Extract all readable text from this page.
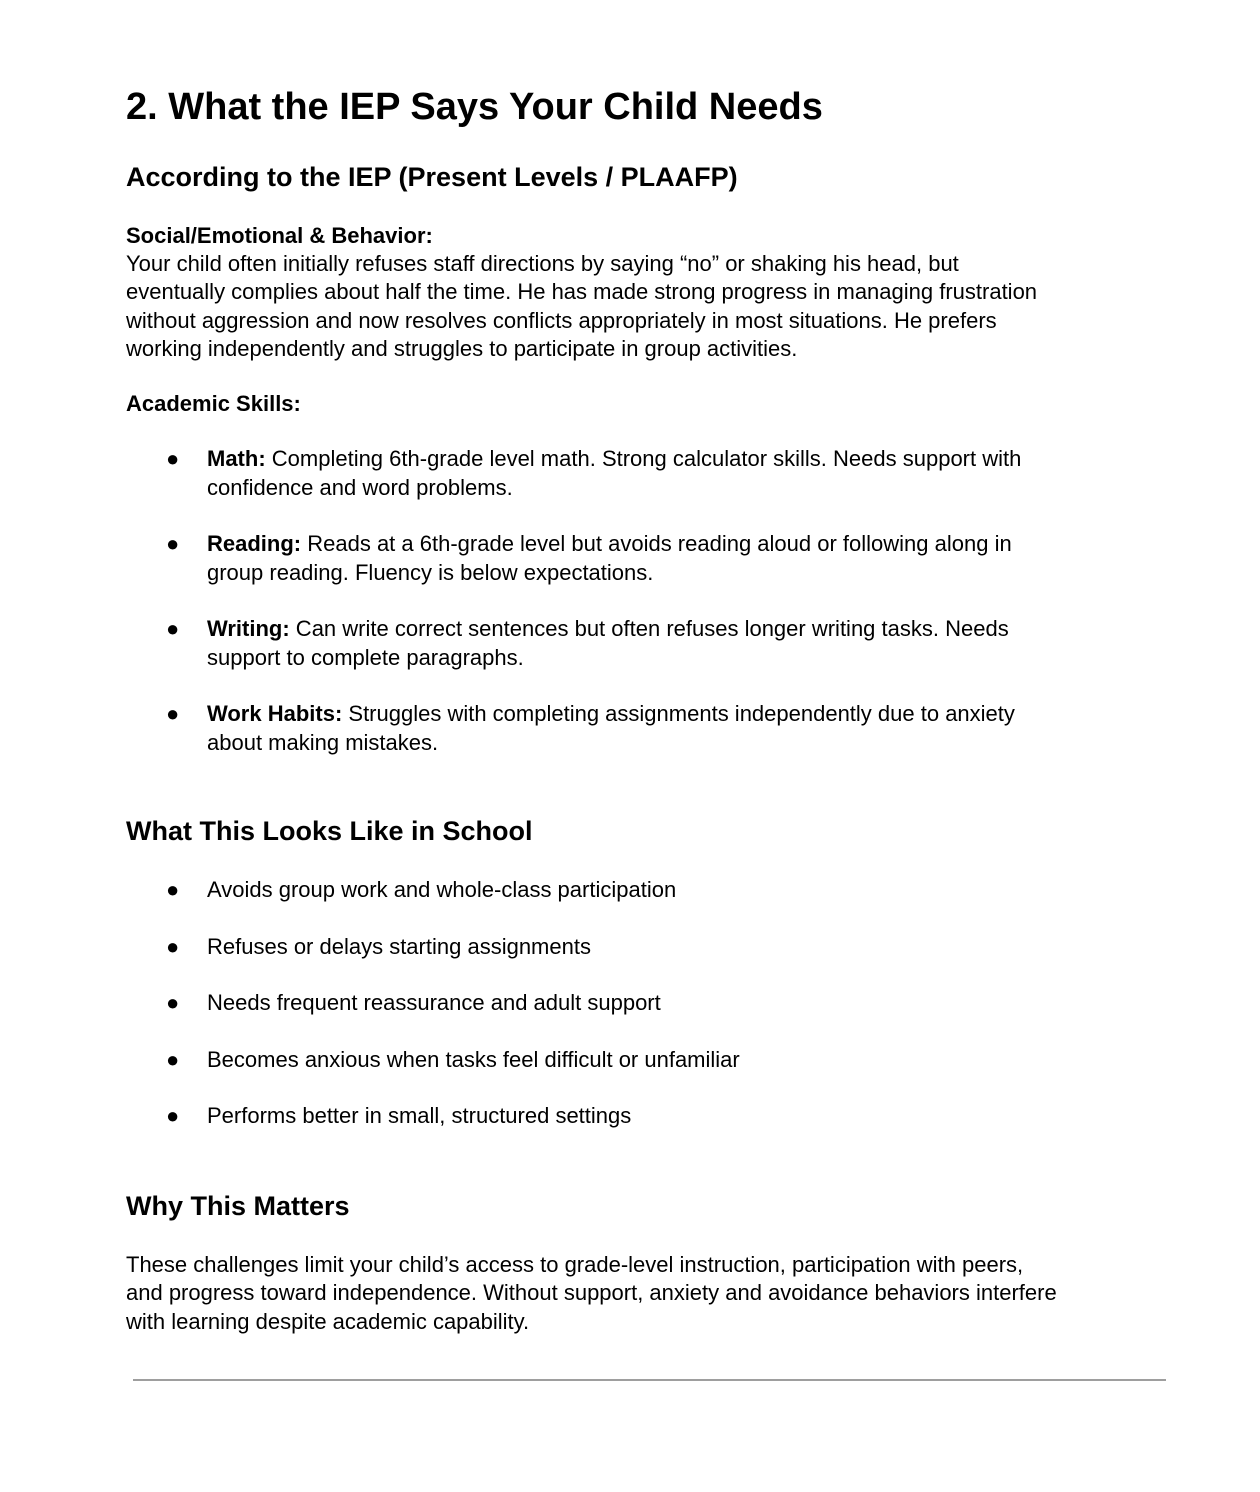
2. What the IEP Says Your Child Needs
According to the IEP (Present Levels / PLAAFP)
Social/Emotional & Behavior:
Your child often initially refuses staff directions by saying “no” or shaking his head, but
eventually complies about half the time. He has made strong progress in managing frustration
without aggression and now resolves conflicts appropriately in most situations. He prefers
working independently and struggles to participate in group activities.
Academic Skills:
●	Math: Completing 6th-grade level math. Strong calculator skills. Needs support with
confidence and word problems.
●	Reading: Reads at a 6th-grade level but avoids reading aloud or following along in
group reading. Fluency is below expectations.
●	Writing: Can write correct sentences but often refuses longer writing tasks. Needs
support to complete paragraphs.
●	Work Habits: Struggles with completing assignments independently due to anxiety
about making mistakes.
What This Looks Like in School
●	Avoids group work and whole-class participation
●	Refuses or delays starting assignments
●	Needs frequent reassurance and adult support
●	Becomes anxious when tasks feel difficult or unfamiliar
●	Performs better in small, structured settings
Why This Matters
These challenges limit your child’s access to grade-level instruction, participation with peers,
and progress toward independence. Without support, anxiety and avoidance behaviors interfere
with learning despite academic capability.
